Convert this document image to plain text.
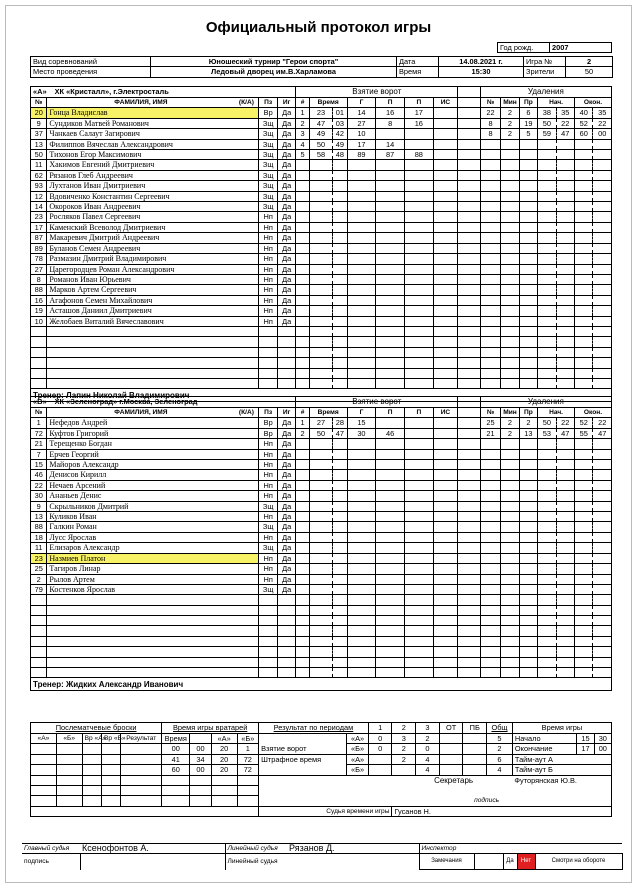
Официальный протокол игры
Год рожд.	2007
Вид соревнований	Юношеский турнир "Герои спорта"	Дата	14.08.2021 г.	Игра №	2
Место проведения	Ледовый дворец им.В.Харламова	Время	15:30	Зрители	50
«А» ХК «Кристалл», г.Электросталь					Взятие ворот								Удаления						
№	ФАМИЛИЯ, ИМЯ	(К/А)	Пз	Иг	#	Время		Г	П	П	ИС		№	Мин	Пр	Нач.		Окон.	
20	Гонца Владислав		Вр	Да	1	23	01	14	16	17			22	2	6	38	35	40	35
9	Сундиков Матвей Романович		Зщ	Да	2	47	03	27	8	16			8	2	19	50	22	52	22
37	Чанкаев Салаут Загирович		Зщ	Да	3	49	42	10					8	2	5	59	47	60	00
13	Филиппов Вячеслав Александрович		Зщ	Да	4	50	49	17	14										
50	Тихонов Егор Максимович		Зщ	Да	5	58	48	89	87	88									
11	Хакимов Евгений Дмитриевич		Зщ	Да															
62	Рязанов Глеб Андреевич		Зщ	Да															
93	Лухтанов Иван Дмитриевич		Зщ	Да															
12	Вдовиченко Константин Сергеевич		Зщ	Да															
14	Окороков Иван Андреевич		Зщ	Да															
23	Росляков Павел Сергеевич		Нп	Да															
17	Каменский Всеволод Дмитриевич		Нп	Да															
87	Макаревич Дмитрий Андреевич		Нп	Да															
89	Буланов Семен Андреевич		Нп	Да															
78	Размазин Дмитрий Владимирович		Нп	Да															
27	Царегородцев Роман Александрович		Нп	Да															
8	Романов Иван Юрьевич		Нп	Да															
88	Марков Артем Сергеевич		Нп	Да															
16	Агафонов Семен Михайлович		Нп	Да															
19	Асташов Даниил Дмитриевич		Нп	Да															
10	Желобаев Виталий Вячеславович		Нп	Да															

Тренер: Лапин Николай Владимирович																			
«В» ХК «Зеленоград» г.Москва, Зеленоград					Взятие ворот								Удаления						
№	ФАМИЛИЯ, ИМЯ	(К/А)	Пз	Иг	#	Время		Г	П	П	ИС		№	Мин	Пр	Нач.		Окон.	
1	Нефедов Андрей		Вр	Да	1	27	28	15					25	2	2	50	22	52	22
72	Куфтов Григорий		Вр	Да	2	50	47	30	46				21	2	13	53	47	55	47
21	Терещенко Богдан		Нп	Да															
7	Ерчев Георгий		Нп	Да															
15	Майоров Александр		Нп	Да															
46	Денисов Кирилл		Нп	Да															
22	Нечаев Арсений		Нп	Да															
30	Ананьев Денис		Нп	Да															
9	Скрыльников Дмитрий		Зщ	Да															
13	Куликов Иван		Нп	Да															
88	Галкин Роман		Зщ	Да															
18	Лусс Ярослав		Нп	Да															
11	Елизаров Александр		Зщ	Да															
23	Назмиев Платон		Нп	Да															
25	Тагиров Линар		Нп	Да															
2	Рылов Артем		Нп	Да															
79	Костенков Ярослав		Зщ	Да															

Тренер: Жидких Александр Иванович																			
Послематчевые броски					Время игры вратарей				Результат по периодам		1	2	3	ОТ	ПБ	Общ	Время игры		
«А»	«Б»	Вр «А»	Вр «Б»	Результат	Время		«А»	«Б»	Взятие ворот	«А»	0	3	2			5	Начало	15	30
					00	00	20	1		«Б»	0	2	0			2	Окончание	17	00
					41	34	20	72	Штрафное время	«А»		2	4			6	Тайм-аут А		
					60	00	20	72		«Б»			4			4	Тайм-аут Б		
									Секретарь

подпись								Футорянская Ю.В.		

									Судья времени игры			Гусанов Н.							
Главный судья	Ксенофонтов А.	Линейный судья	Рязанов Д.	Инспектор				
подпись		Линейный судья		Замечания		Да	Нет	Смотри на обороте
